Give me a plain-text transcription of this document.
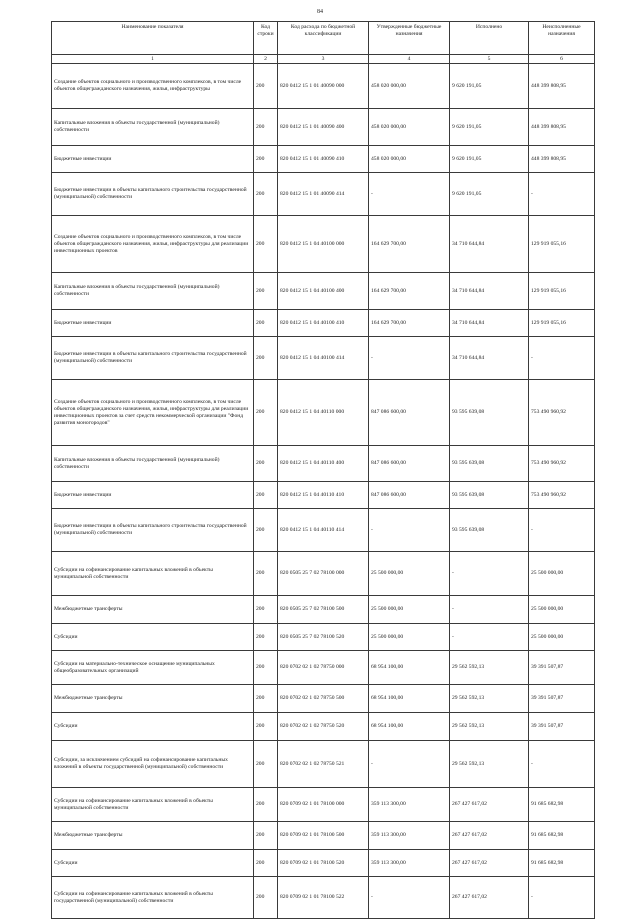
84
Наименование показателя	Код строки	Код расхода по бюджетной классификации	Утвержденные бюджетные назначения	Исполнено	Неисполненные назначения
1	2	3	4	5	6
Создание объектов социального и производственного комплексов, в том числе объектов общегражданского назначения, жилья, инфраструктуры	200	820 0412 15 1 01 40090 000	458 020 000,00	9 620 191,05	448 399 808,95
Капитальные вложения в объекты государственной (муниципальной) собственности	200	820 0412 15 1 01 40090 400	458 020 000,00	9 620 191,05	448 399 808,95
Бюджетные инвестиции	200	820 0412 15 1 01 40090 410	458 020 000,00	9 620 191,05	448 399 808,95
Бюджетные инвестиции в объекты капитального строительства государственной (муниципальной) собственности	200	820 0412 15 1 01 40090 414	-	9 620 191,05	-
Создание объектов социального и производственного комплексов, в том числе объектов общегражданского назначения, жилья, инфраструктуры для реализации инвестиционных проектов	200	820 0412 15 1 04 40100 000	164 629 700,00	34 710 644,84	129 919 055,16
Капитальные вложения в объекты государственной (муниципальной) собственности	200	820 0412 15 1 04 40100 400	164 629 700,00	34 710 644,84	129 919 055,16
Бюджетные инвестиции	200	820 0412 15 1 04 40100 410	164 629 700,00	34 710 644,84	129 919 055,16
Бюджетные инвестиции в объекты капитального строительства государственной (муниципальной) собственности	200	820 0412 15 1 04 40100 414	-	34 710 644,84	-
Создание объектов социального и производственного комплексов, в том числе объектов общегражданского назначения, жилья, инфраструктуры для реализации инвестиционных проектов за счет средств некоммерческой организации "Фонд развития моногородов"	200	820 0412 15 1 04 40110 000	847 086 600,00	93 595 639,08	753 490 960,92
Капитальные вложения в объекты государственной (муниципальной) собственности	200	820 0412 15 1 04 40110 400	847 086 600,00	93 595 639,08	753 490 960,92
Бюджетные инвестиции	200	820 0412 15 1 04 40110 410	847 086 600,00	93 595 639,08	753 490 960,92
Бюджетные инвестиции в объекты капитального строительства государственной (муниципальной) собственности	200	820 0412 15 1 04 40110 414	-	93 595 639,08	-
Субсидии на софинансирование капитальных вложений в объекты муниципальной собственности	200	820 0505 25 7 02 78100 000	25 500 000,00	-	25 500 000,00
Межбюджетные трансферты	200	820 0505 25 7 02 78100 500	25 500 000,00	-	25 500 000,00
Субсидии	200	820 0505 25 7 02 78100 520	25 500 000,00	-	25 500 000,00
Субсидии на материально-техническое оснащение муниципальных общеобразовательных организаций	200	820 0702 02 1 02 78750 000	68 954 100,00	29 562 592,13	39 391 507,87
Межбюджетные трансферты	200	820 0702 02 1 02 78750 500	68 954 100,00	29 562 592,13	39 391 507,87
Субсидии	200	820 0702 02 1 02 78750 520	68 954 100,00	29 562 592,13	39 391 507,87
Субсидии, за исключением субсидий на софинансирование капитальных вложений в объекты государственной (муниципальной) собственности	200	820 0702 02 1 02 78750 521	-	29 562 592,13	-
Субсидии на софинансирование капитальных вложений в объекты муниципальной собственности	200	820 0709 02 1 01 78100 000	359 113 300,00	267 427 617,02	91 685 682,98
Межбюджетные трансферты	200	820 0709 02 1 01 78100 500	359 113 300,00	267 427 617,02	91 685 682,98
Субсидии	200	820 0709 02 1 01 78100 520	359 113 300,00	267 427 617,02	91 685 682,98
Субсидии на софинансирование капитальных вложений в объекты государственной (муниципальной) собственности	200	820 0709 02 1 01 78100 522	-	267 427 617,02	-
